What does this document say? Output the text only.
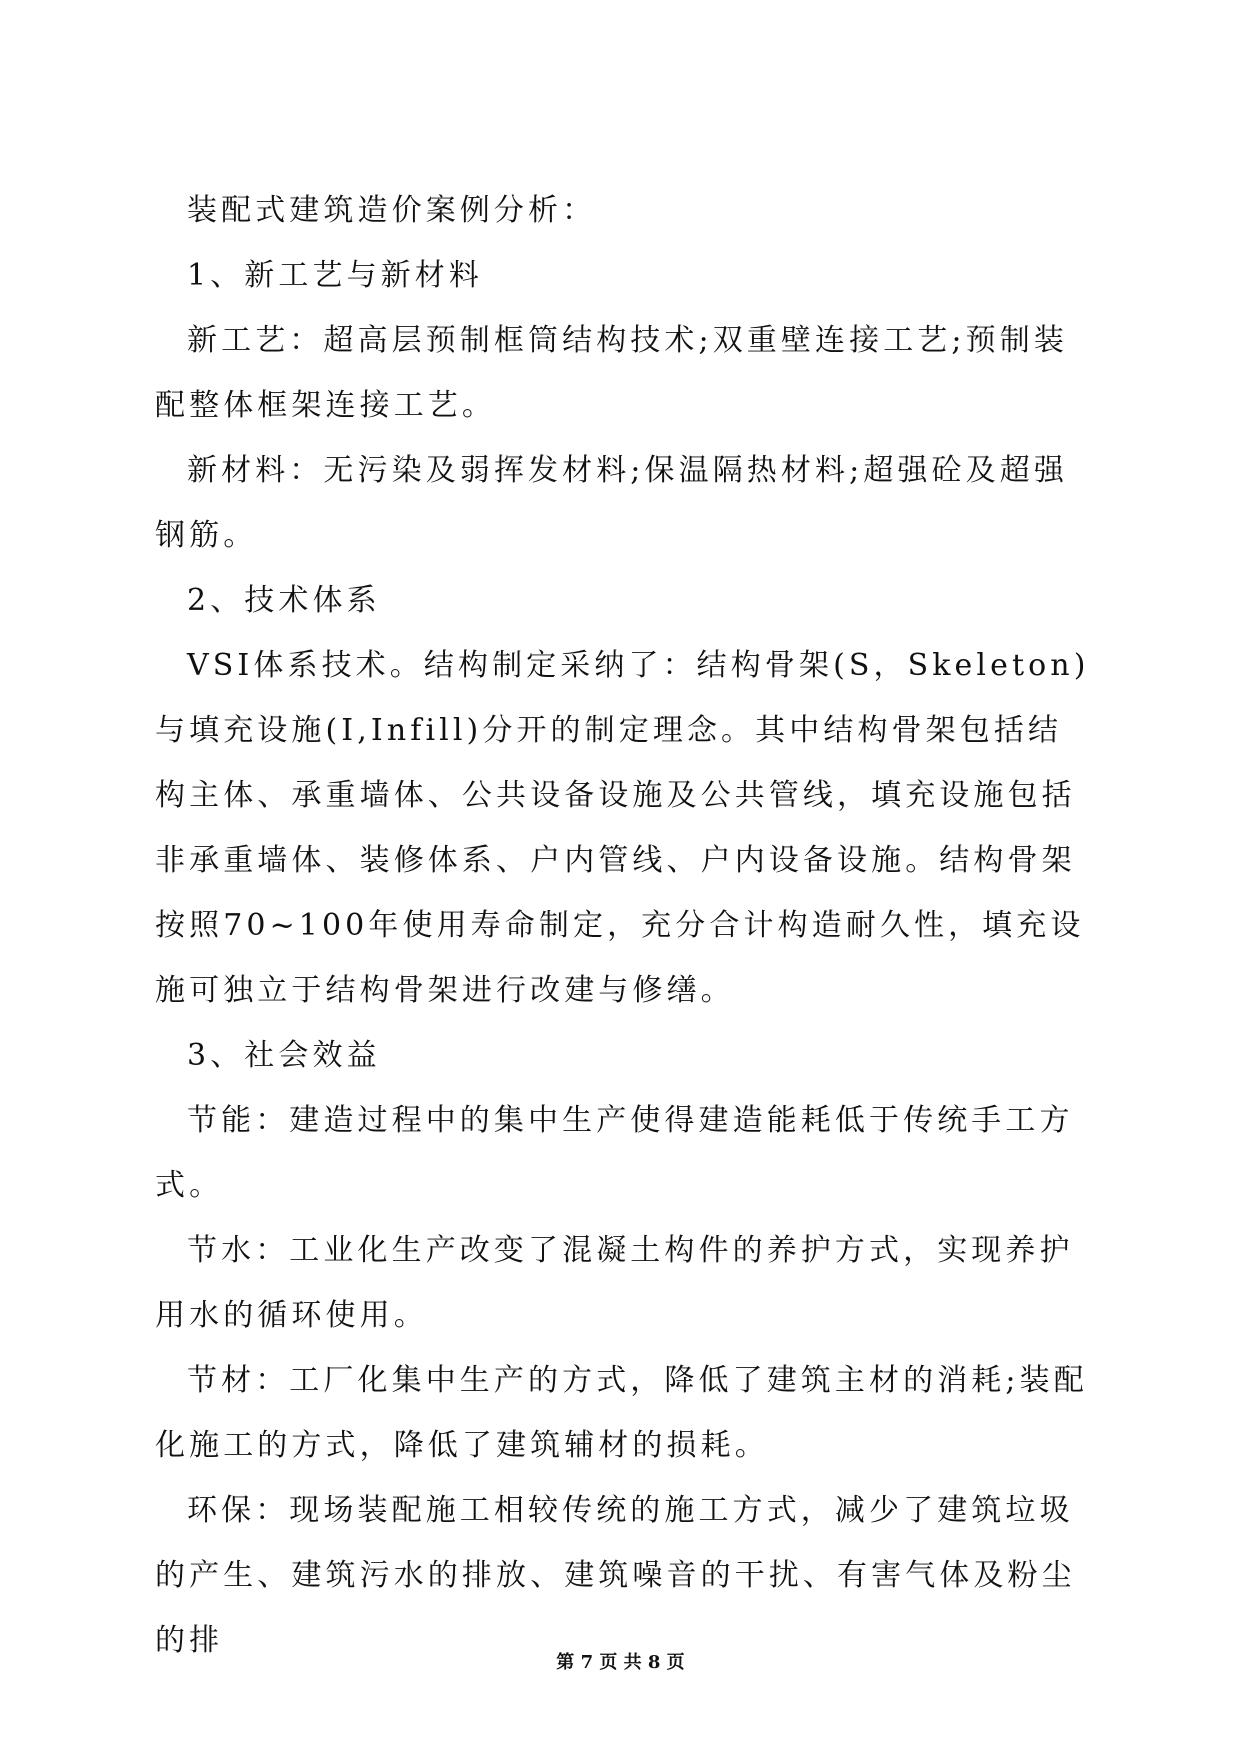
装配式建筑造价案例分析：

1、新工艺与新材料

新工艺：超高层预制框筒结构技术;双重壁连接工艺;预制装配整体框架连接工艺。

新材料：无污染及弱挥发材料;保温隔热材料;超强砼及超强钢筋。

2、技术体系

VSI体系技术。结构制定采纳了：结构骨架(S，Skeleton)与填充设施(I,Infill)分开的制定理念。其中结构骨架包括结构主体、承重墙体、公共设备设施及公共管线，填充设施包括非承重墙体、装修体系、户内管线、户内设备设施。结构骨架按照70~100年使用寿命制定，充分合计构造耐久性，填充设施可独立于结构骨架进行改建与修缮。

3、社会效益

节能：建造过程中的集中生产使得建造能耗低于传统手工方式。

节水：工业化生产改变了混凝土构件的养护方式，实现养护用水的循环使用。

节材：工厂化集中生产的方式，降低了建筑主材的消耗;装配化施工的方式，降低了建筑辅材的损耗。

环保：现场装配施工相较传统的施工方式，减少了建筑垃圾的产生、建筑污水的排放、建筑噪音的干扰、有害气体及粉尘的排

第 7 页 共 8 页
